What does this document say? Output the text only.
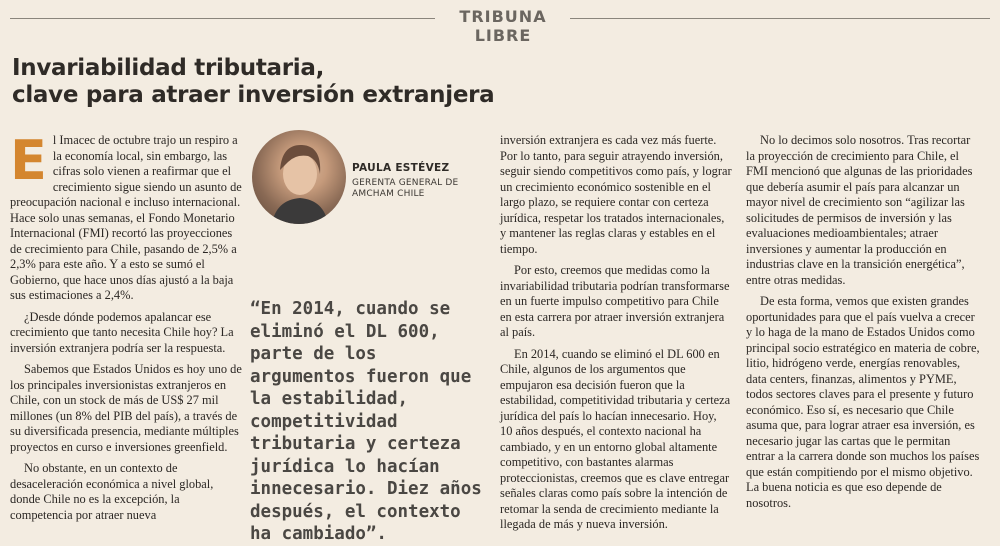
TRIBUNA LIBRE
Invariabilidad tributaria,
clave para atraer inversión extranjera

El Imacec de octubre trajo un respiro a la economía local, sin embargo, las cifras solo vienen a reafirmar que el crecimiento sigue siendo un asunto de preocupación nacional e incluso internacional. Hace solo unas semanas, el Fondo Monetario Internacional (FMI) recortó las proyecciones de crecimiento para Chile, pasando de 2,5% a 2,3% para este año. Y a esto se sumó el Gobierno, que hace unos días ajustó a la baja sus estimaciones a 2,4%.

¿Desde dónde podemos apalancar ese crecimiento que tanto necesita Chile hoy? La inversión extranjera podría ser la respuesta.

Sabemos que Estados Unidos es hoy uno de los principales inversionistas extranjeros en Chile, con un stock de más de US$ 27 mil millones (un 8% del PIB del país), a través de su diversificada presencia, mediante múltiples proyectos en curso e inversiones greenfield.

No obstante, en un contexto de desaceleración económica a nivel global, donde Chile no es la excepción, la competencia por atraer nueva

PAULA ESTÉVEZ
GERENTA GENERAL DE AMCHAM CHILE

“En 2014, cuando se eliminó el DL 600, parte de los argumentos fueron que la estabilidad, competitividad tributaria y certeza jurídica lo hacían innecesario. Diez años después, el contexto ha cambiado”.

inversión extranjera es cada vez más fuerte. Por lo tanto, para seguir atrayendo inversión, seguir siendo competitivos como país, y lograr un crecimiento económico sostenible en el largo plazo, se requiere contar con certeza jurídica, respetar los tratados internacionales, y mantener las reglas claras y estables en el tiempo.

Por esto, creemos que medidas como la invariabilidad tributaria podrían transformarse en un fuerte impulso competitivo para Chile en esta carrera por atraer inversión extranjera al país.

En 2014, cuando se eliminó el DL 600 en Chile, algunos de los argumentos que empujaron esa decisión fueron que la estabilidad, competitividad tributaria y certeza jurídica del país lo hacían innecesario. Hoy, 10 años después, el contexto nacional ha cambiado, y en un entorno global altamente competitivo, con bastantes alarmas proteccionistas, creemos que es clave entregar señales claras como país sobre la intención de retomar la senda de crecimiento mediante la llegada de más y nueva inversión.

No lo decimos solo nosotros. Tras recortar la proyección de crecimiento para Chile, el FMI mencionó que algunas de las prioridades que debería asumir el país para alcanzar un mayor nivel de crecimiento son “agilizar las solicitudes de permisos de inversión y las evaluaciones medioambientales; atraer inversiones y aumentar la producción en industrias clave en la transición energética”, entre otras medidas.

De esta forma, vemos que existen grandes oportunidades para que el país vuelva a crecer y lo haga de la mano de Estados Unidos como principal socio estratégico en materia de cobre, litio, hidrógeno verde, energías renovables, data centers, finanzas, alimentos y PYME, todos sectores claves para el presente y futuro económico. Eso sí, es necesario que Chile asuma que, para lograr atraer esa inversión, es necesario jugar las cartas que le permitan entrar a la carrera donde son muchos los países que están compitiendo por el mismo objetivo. La buena noticia es que eso depende de nosotros.
